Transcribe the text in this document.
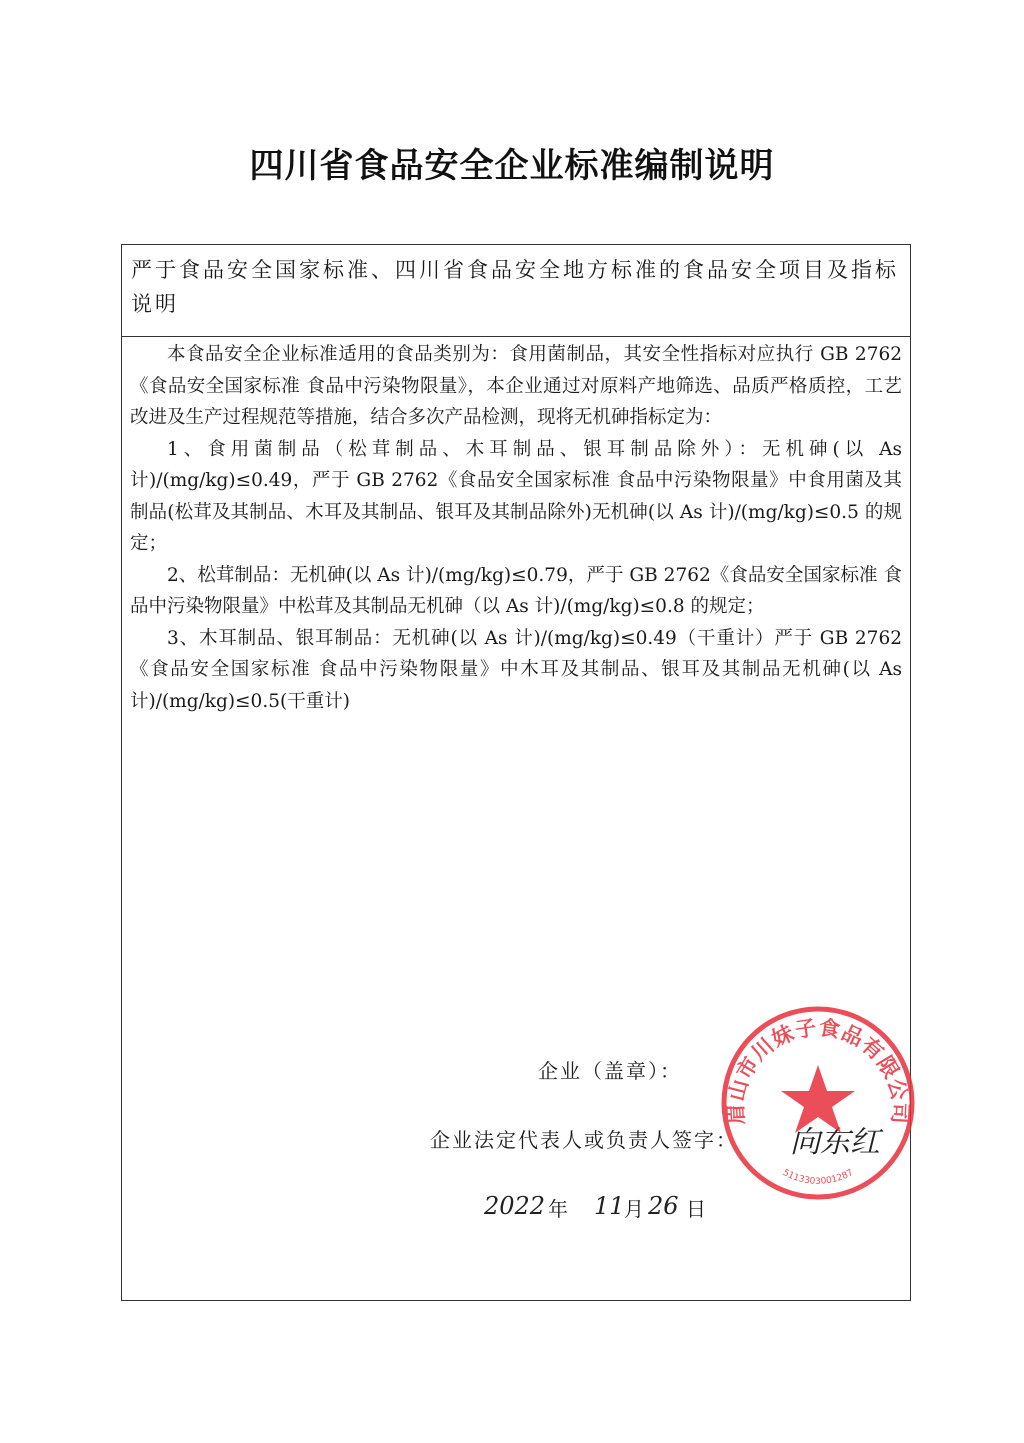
四川省食品安全企业标准编制说明
严于食品安全国家标准、四川省食品安全地方标准的食品安全项目及指标说明

本食品安全企业标准适用的食品类别为：食用菌制品，其安全性指标对应执行 GB 2762《食品安全国家标准 食品中污染物限量》，本企业通过对原料产地筛选、品质严格质控，工艺改进及生产过程规范等措施，结合多次产品检测，现将无机砷指标定为：

1、食用菌制品（松茸制品、木耳制品、银耳制品除外）：无机砷(以 As 计)/(mg/kg)≤0.49，严于 GB 2762《食品安全国家标准 食品中污染物限量》中食用菌及其制品(松茸及其制品、木耳及其制品、银耳及其制品除外)无机砷(以 As 计)/(mg/kg)≤0.5 的规定；

2、松茸制品：无机砷(以 As 计)/(mg/kg)≤0.79，严于 GB 2762《食品安全国家标准 食品中污染物限量》中松茸及其制品无机砷（以 As 计)/(mg/kg)≤0.8 的规定；

3、木耳制品、银耳制品：无机砷(以 As 计)/(mg/kg)≤0.49（干重计）严于 GB 2762《食品安全国家标准 食品中污染物限量》中木耳及其制品、银耳及其制品无机砷(以 As 计)/(mg/kg)≤0.5(干重计)

企业（盖章）：
企业法定代表人或负责人签字： 向东红
2022 年 11 月 26 日
眉山市川妹子食品有限公司
5113303001287
